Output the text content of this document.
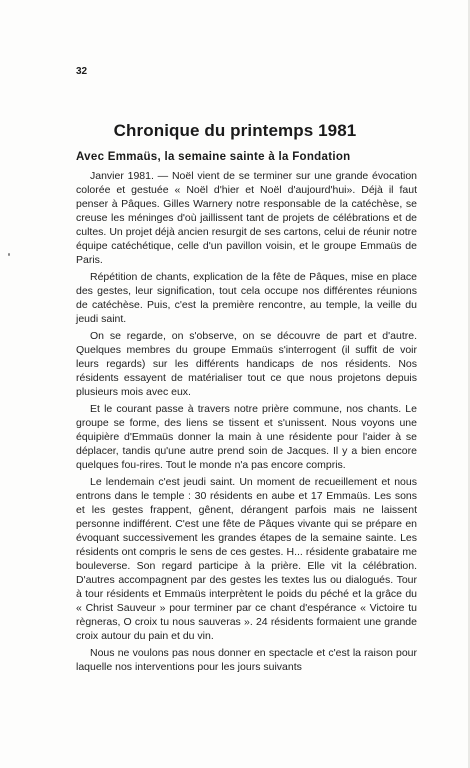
32

Chronique du printemps 1981
Avec Emmaüs, la semaine sainte à la Fondation

Janvier 1981. — Noël vient de se terminer sur une grande évocation colorée et gestuée « Noël d'hier et Noël d'aujourd'hui». Déjà il faut penser à Pâques. Gilles Warnery notre responsable de la catéchèse, se creuse les méninges d'où jaillissent tant de projets de célébrations et de cultes. Un projet déjà ancien resurgit de ses cartons, celui de réunir notre équipe catéchétique, celle d'un pavillon voisin, et le groupe Emmaüs de Paris.

Répétition de chants, explication de la fête de Pâques, mise en place des gestes, leur signification, tout cela occupe nos différentes réunions de catéchèse. Puis, c'est la première rencontre, au temple, la veille du jeudi saint.

On se regarde, on s'observe, on se découvre de part et d'autre. Quelques membres du groupe Emmaüs s'interrogent (il suffit de voir leurs regards) sur les différents handicaps de nos résidents. Nos résidents essayent de matérialiser tout ce que nous projetons depuis plusieurs mois avec eux.

Et le courant passe à travers notre prière commune, nos chants. Le groupe se forme, des liens se tissent et s'unissent. Nous voyons une équipière d'Emmaüs donner la main à une résidente pour l'aider à se déplacer, tandis qu'une autre prend soin de Jacques. Il y a bien encore quelques fou-rires. Tout le monde n'a pas encore compris.

Le lendemain c'est jeudi saint. Un moment de recueillement et nous entrons dans le temple : 30 résidents en aube et 17 Emmaüs. Les sons et les gestes frappent, gênent, dérangent parfois mais ne laissent personne indifférent. C'est une fête de Pâques vivante qui se prépare en évoquant successivement les grandes étapes de la semaine sainte. Les résidents ont compris le sens de ces gestes. H... résidente grabataire me bouleverse. Son regard participe à la prière. Elle vit la célébration. D'autres accompagnent par des gestes les textes lus ou dialogués. Tour à tour résidents et Emmaüs interprètent le poids du péché et la grâce du « Christ Sauveur » pour terminer par ce chant d'espérance « Victoire tu règneras, O croix tu nous sauveras ». 24 résidents formaient une grande croix autour du pain et du vin.

Nous ne voulons pas nous donner en spectacle et c'est la raison pour laquelle nos interventions pour les jours suivants
